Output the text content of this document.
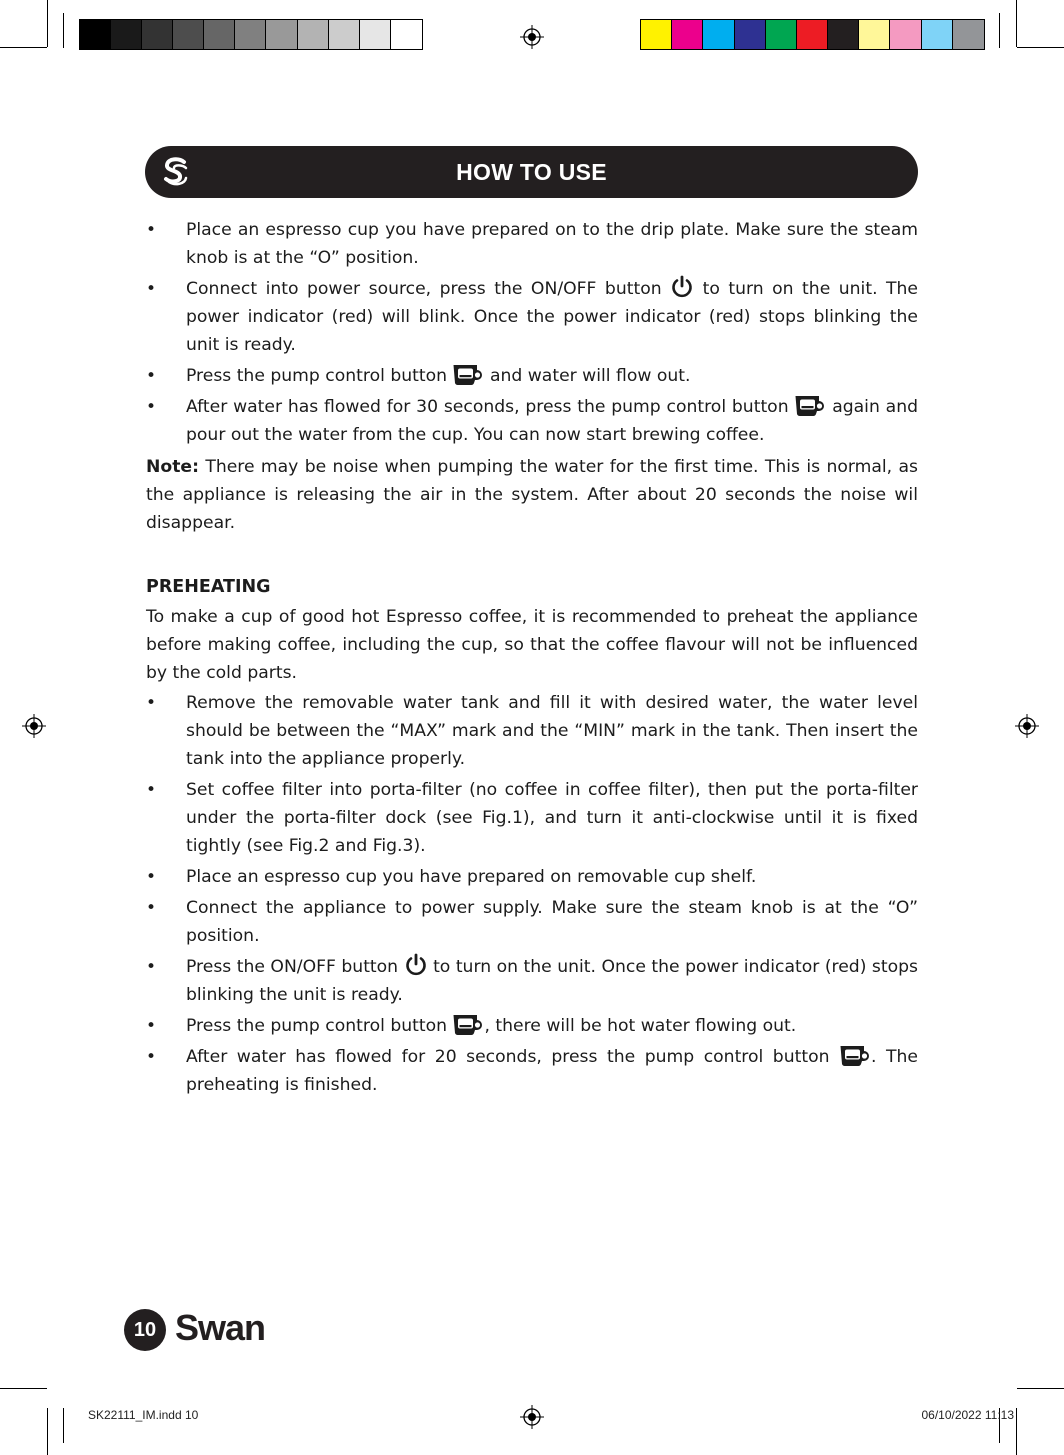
HOW TO USE
• Place an espresso cup you have prepared on to the drip plate. Make sure the steam knob is at the “O” position.
• Connect into power source, press the ON/OFF button  to turn on the unit. The power indicator (red) will blink. Once the power indicator (red) stops blinking the unit is ready.
• Press the pump control button  and water will flow out.
• After water has flowed for 30 seconds, press the pump control button  again and pour out the water from the cup. You can now start brewing coffee.

Note: There may be noise when pumping the water for the first time. This is normal, as the appliance is releasing the air in the system. After about 20 seconds the noise wil disappear.

PREHEATING

To make a cup of good hot Espresso coffee, it is recommended to preheat the appliance before making coffee, including the cup, so that the coffee flavour will not be influenced by the cold parts.

• Remove the removable water tank and fill it with desired water, the water level should be between the “MAX” mark and the “MIN” mark in the tank. Then insert the tank into the appliance properly.
• Set coffee filter into porta-filter (no coffee in coffee filter), then put the porta-filter under the porta-filter dock (see Fig.1), and turn it anti-clockwise until it is fixed tightly (see Fig.2 and Fig.3).
• Place an espresso cup you have prepared on removable cup shelf.
• Connect the appliance to power supply. Make sure the steam knob is at the “O” position.
• Press the ON/OFF button  to turn on the unit. Once the power indicator (red) stops blinking the unit is ready.
• Press the pump control button , there will be hot water flowing out.
• After water has flowed for 20 seconds, press the pump control button . The preheating is finished.
10 Swan
SK22111_IM.indd 10	06/10/2022 11:13
